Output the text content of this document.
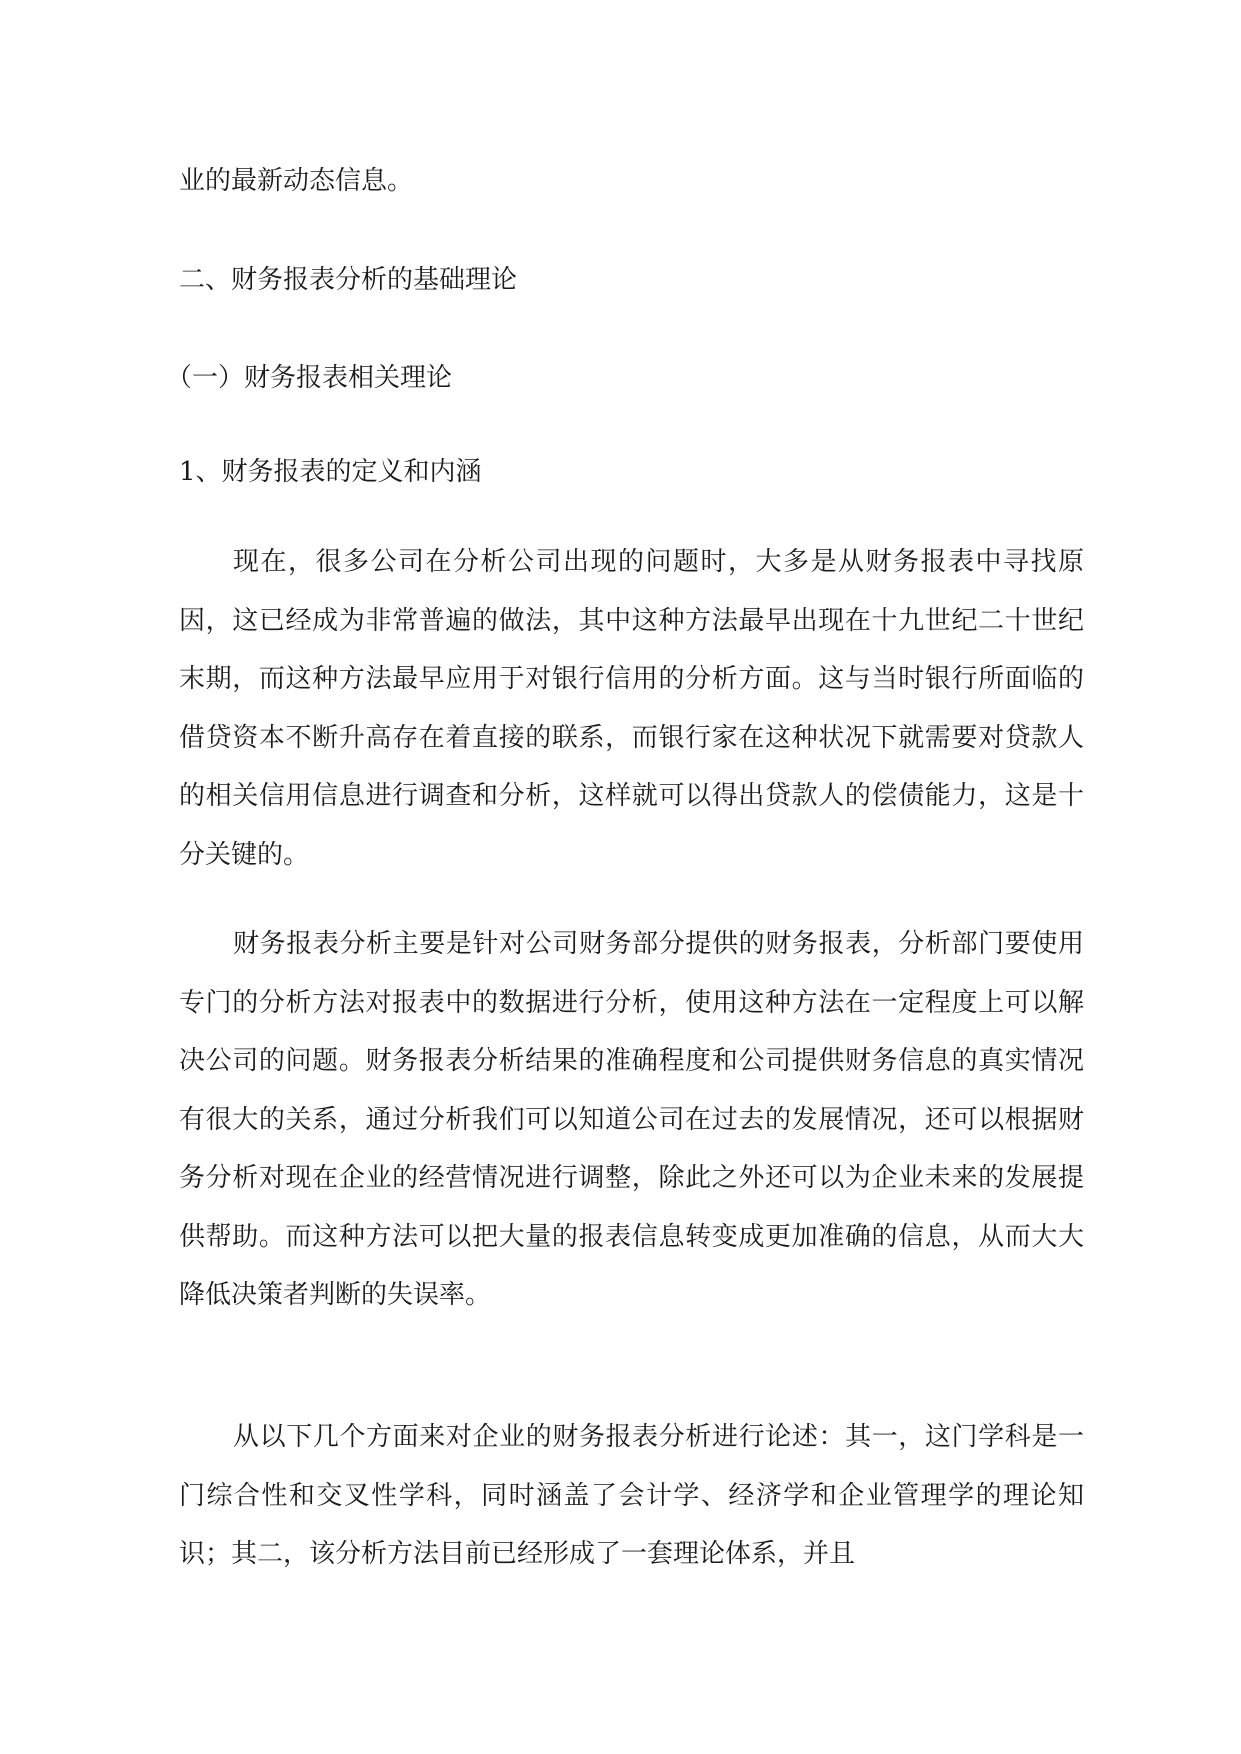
业的最新动态信息。

二、财务报表分析的基础理论
（一）财务报表相关理论
1、财务报表的定义和内涵

现在，很多公司在分析公司出现的问题时，大多是从财务报表中寻找原因，这已经成为非常普遍的做法，其中这种方法最早出现在十九世纪二十世纪末期，而这种方法最早应用于对银行信用的分析方面。这与当时银行所面临的借贷资本不断升高存在着直接的联系，而银行家在这种状况下就需要对贷款人的相关信用信息进行调查和分析，这样就可以得出贷款人的偿债能力，这是十分关键的。

财务报表分析主要是针对公司财务部分提供的财务报表，分析部门要使用专门的分析方法对报表中的数据进行分析，使用这种方法在一定程度上可以解决公司的问题。财务报表分析结果的准确程度和公司提供财务信息的真实情况有很大的关系，通过分析我们可以知道公司在过去的发展情况，还可以根据财务分析对现在企业的经营情况进行调整，除此之外还可以为企业未来的发展提供帮助。而这种方法可以把大量的报表信息转变成更加准确的信息，从而大大降低决策者判断的失误率。

从以下几个方面来对企业的财务报表分析进行论述：其一，这门学科是一门综合性和交叉性学科，同时涵盖了会计学、经济学和企业管理学的理论知识；其二，该分析方法目前已经形成了一套理论体系，并且
